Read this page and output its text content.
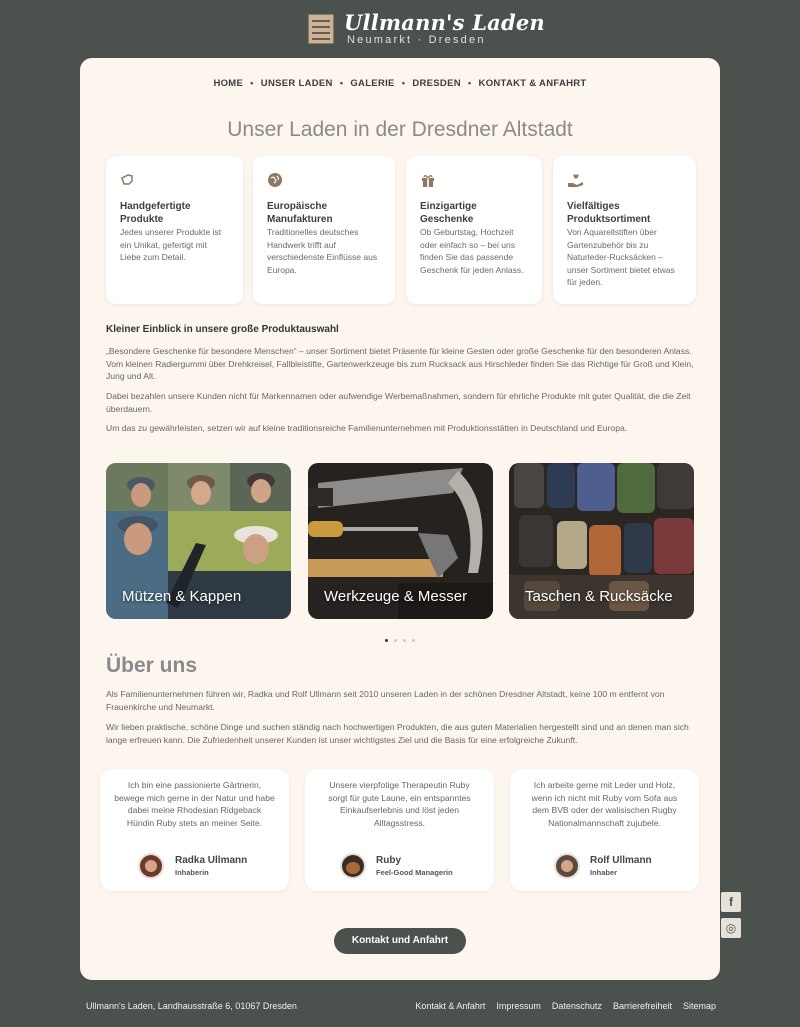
Ullmann's Laden
Neumarkt · Dresden
HOME • UNSER LADEN • GALERIE • DRESDEN • KONTAKT & ANFAHRT
Unser Laden in der Dresdner Altstadt
Handgefertigte Produkte

Jedes unserer Produkte ist ein Unikat, gefertigt mit Liebe zum Detail.

Europäische Manufakturen

Traditionelles deutsches Handwerk trifft auf verschiedenste Einflüsse aus Europa.

Einzigartige Geschenke

Ob Geburtstag, Hochzeit oder einfach so – bei uns finden Sie das passende Geschenk für jeden Anlass.

Vielfältiges Produktsortiment

Von Aquarellstiften über Gartenzubehör bis zu Naturleder-Rucksäcken – unser Sortiment bietet etwas für jeden.

Kleiner Einblick in unsere große Produktauswahl

„Besondere Geschenke für besondere Menschen“ – unser Sortiment bietet Präsente für kleine Gesten oder große Geschenke für den besonderen Anlass. Vom kleinen Radiergummi über Drehkreisel, Fallbleistifte, Gartenwerkzeuge bis zum Rucksack aus Hirschleder finden Sie das Richtige für Groß und Klein, Jung und Alt.

Dabei bezahlen unsere Kunden nicht für Markennamen oder aufwendige Werbemaßnahmen, sondern für ehrliche Produkte mit guter Qualität, die die Zeit überdauern.

Um das zu gewährleisten, setzen wir auf kleine traditionsreiche Familienunternehmen mit Produktionsstätten in Deutschland und Europa.

Mützen & Kappen	Werkzeuge & Messer	Taschen & Rucksäcke
Über uns

Als Familienunternehmen führen wir, Radka und Rolf Ullmann seit 2010 unseren Laden in der schönen Dresdner Altstadt, keine 100 m entfernt von Frauenkirche und Neumarkt.

Wir lieben praktische, schöne Dinge und suchen ständig nach hochwertigen Produkten, die aus guten Materialien hergestellt sind und an denen man sich lange erfreuen kann. Die Zufriedenheit unserer Kunden ist unser wichtigstes Ziel und die Basis für eine erfolgreiche Zukunft.

Ich bin eine passionierte Gärtnerin, bewege mich gerne in der Natur und habe dabei meine Rhodesian Ridgeback Hündin Ruby stets an meiner Seite.

Radka Ullmann
Inhaberin

Unsere vierpfotige Therapeutin Ruby sorgt für gute Laune, ein entspanntes Einkaufserlebnis und löst jeden Alltagsstress.

Ruby
Feel-Good Managerin

Ich arbeite gerne mit Leder und Holz, wenn ich nicht mit Ruby vom Sofa aus dem BVB oder der walisischen Rugby Nationalmannschaft zujubele.

Rolf Ullmann
Inhaber
Kontakt und Anfahrt
f
◎
Ullmann's Laden, Landhausstraße 6, 01067 Dresden	Kontakt & Anfahrt Impressum Datenschutz Barrierefreiheit Sitemap
